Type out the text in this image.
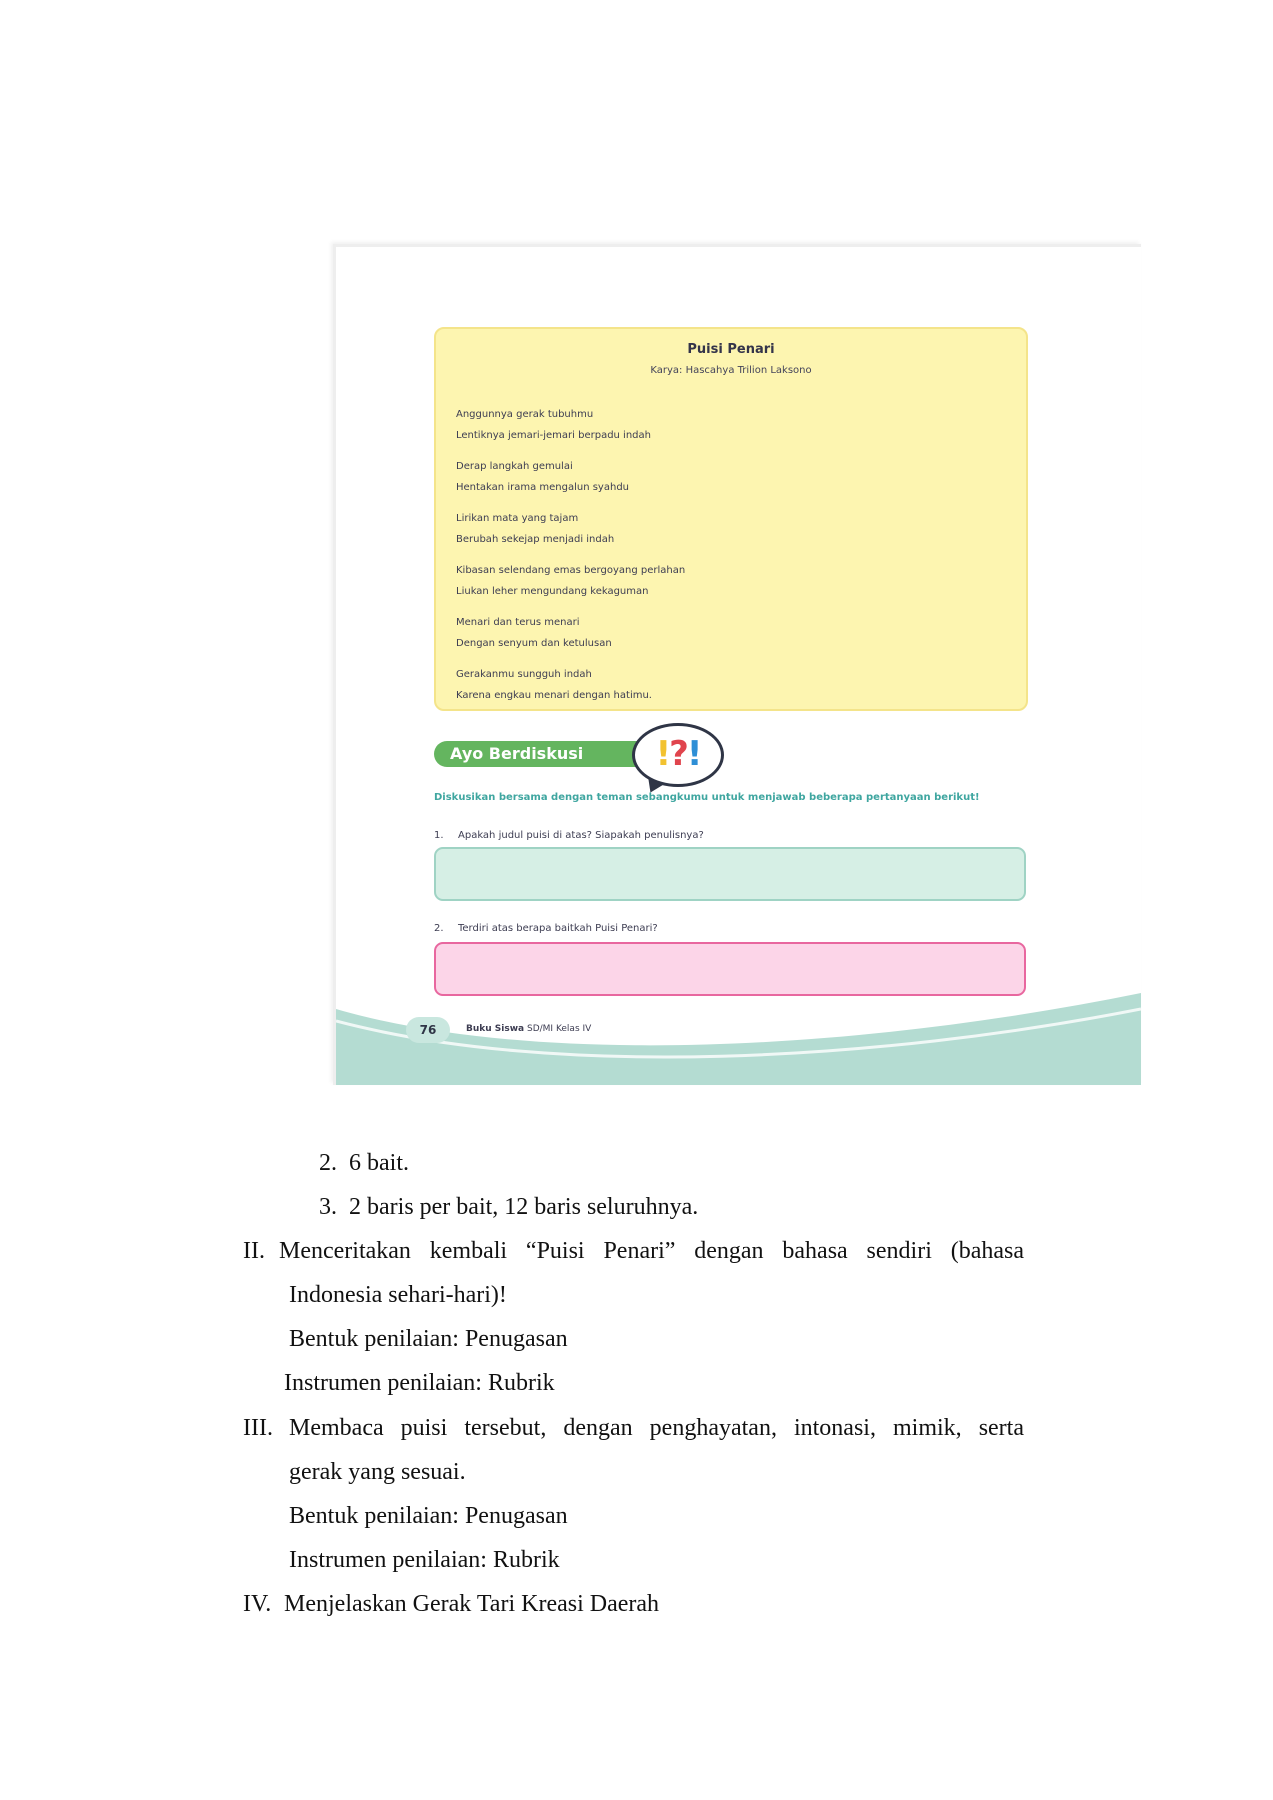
Puisi Penari
Karya: Hascahya Trilion Laksono
Anggunnya gerak tubuhmu
Lentiknya jemari-jemari berpadu indah
Derap langkah gemulai
Hentakan irama mengalun syahdu
Lirikan mata yang tajam
Berubah sekejap menjadi indah
Kibasan selendang emas bergoyang perlahan
Liukan leher mengundang kekaguman
Menari dan terus menari
Dengan senyum dan ketulusan
Gerakanmu sungguh indah
Karena engkau menari dengan hatimu.
Ayo Berdiskusi	!?!
Diskusikan bersama dengan teman sebangkumu untuk menjawab beberapa pertanyaan berikut!
1. Apakah judul puisi di atas? Siapakah penulisnya?
2. Terdiri atas berapa baitkah Puisi Penari?
76	Buku Siswa SD/MI Kelas IV
2. 6 bait.
3. 2 baris per bait, 12 baris seluruhnya.
II. Menceritakan kembali “Puisi Penari” dengan bahasa sendiri (bahasa
Indonesia sehari-hari)!
Bentuk penilaian: Penugasan
Instrumen penilaian: Rubrik
III. Membaca puisi tersebut, dengan penghayatan, intonasi, mimik, serta
gerak yang sesuai.
Bentuk penilaian: Penugasan
Instrumen penilaian: Rubrik
IV. Menjelaskan Gerak Tari Kreasi Daerah
